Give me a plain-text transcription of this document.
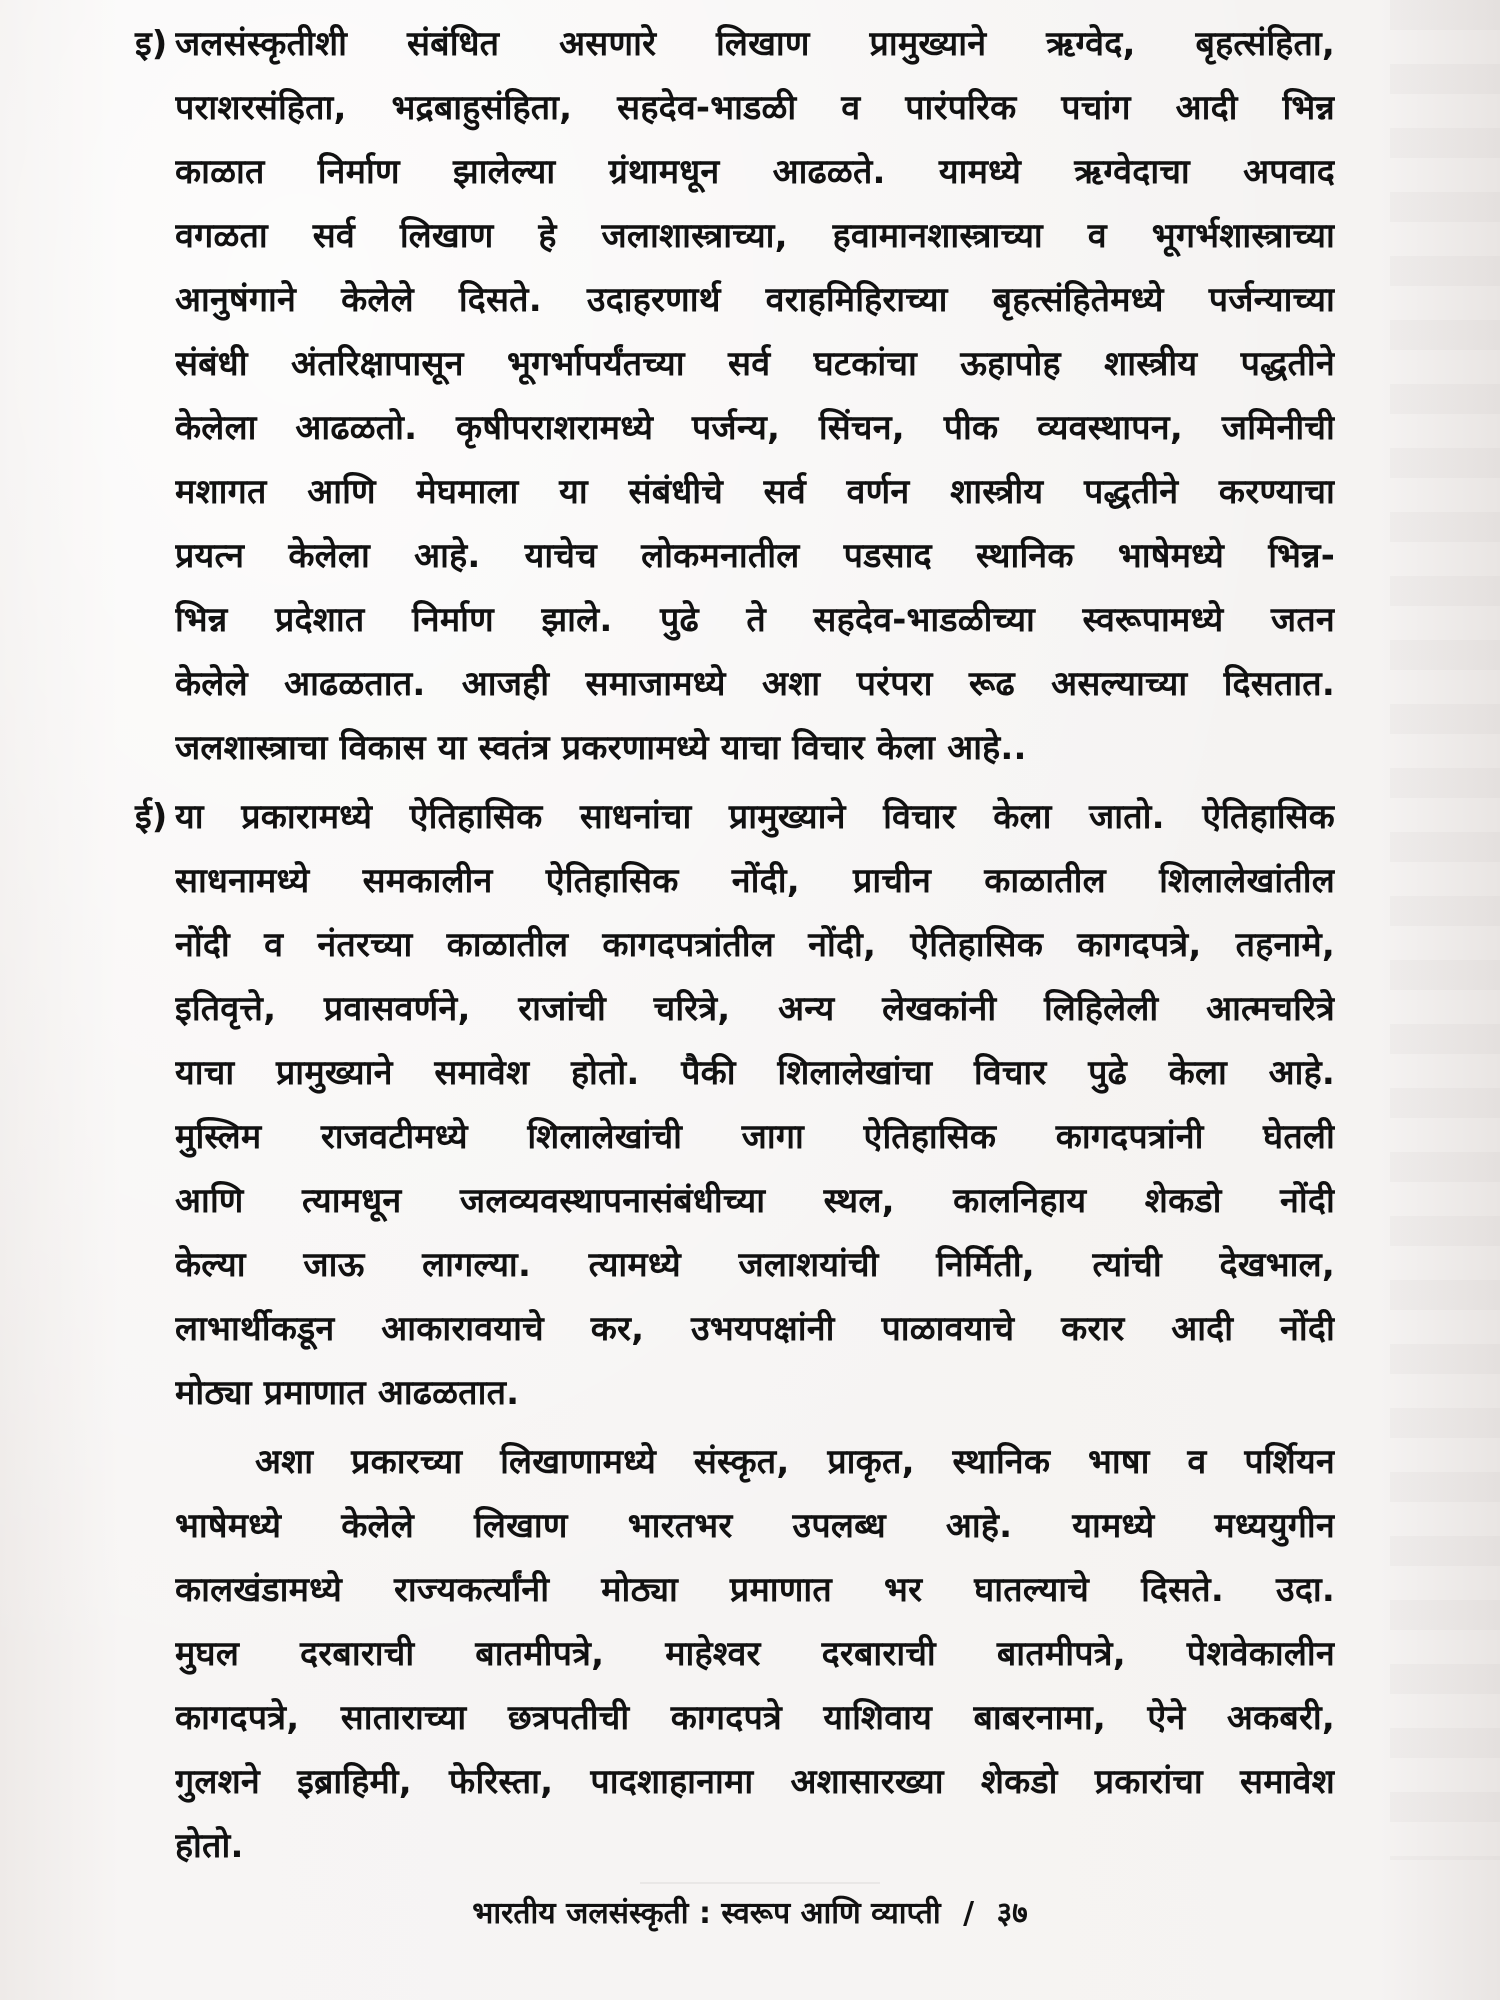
इ) जलसंस्कृतीशी संबंधित असणारे लिखाण प्रामुख्याने ऋग्वेद, बृहत्संहिता,
पराशरसंहिता, भद्रबाहुसंहिता, सहदेव-भाडळी व पारंपरिक पचांग आदी भिन्न
काळात निर्माण झालेल्या ग्रंथामधून आढळते. यामध्ये ऋग्वेदाचा अपवाद
वगळता सर्व लिखाण हे जलाशास्त्राच्या, हवामानशास्त्राच्या व भूगर्भशास्त्राच्या
आनुषंगाने केलेले दिसते. उदाहरणार्थ वराहमिहिराच्या बृहत्संहितेमध्ये पर्जन्याच्या
संबंधी अंतरिक्षापासून भूगर्भापर्यंतच्या सर्व घटकांचा ऊहापोह शास्त्रीय पद्धतीने
केलेला आढळतो. कृषीपराशरामध्ये पर्जन्य, सिंचन, पीक व्यवस्थापन, जमिनीची
मशागत आणि मेघमाला या संबंधीचे सर्व वर्णन शास्त्रीय पद्धतीने करण्याचा
प्रयत्न केलेला आहे. याचेच लोकमनातील पडसाद स्थानिक भाषेमध्ये भिन्न-
भिन्न प्रदेशात निर्माण झाले. पुढे ते सहदेव-भाडळीच्या स्वरूपामध्ये जतन
केलेले आढळतात. आजही समाजामध्ये अशा परंपरा रूढ असल्याच्या दिसतात.
जलशास्त्राचा विकास या स्वतंत्र प्रकरणामध्ये याचा विचार केला आहे..
ई) या प्रकारामध्ये ऐतिहासिक साधनांचा प्रामुख्याने विचार केला जातो. ऐतिहासिक
साधनामध्ये समकालीन ऐतिहासिक नोंदी, प्राचीन काळातील शिलालेखांतील
नोंदी व नंतरच्या काळातील कागदपत्रांतील नोंदी, ऐतिहासिक कागदपत्रे, तहनामे,
इतिवृत्ते, प्रवासवर्णने, राजांची चरित्रे, अन्य लेखकांनी लिहिलेली आत्मचरित्रे
याचा प्रामुख्याने समावेश होतो. पैकी शिलालेखांचा विचार पुढे केला आहे.
मुस्लिम राजवटीमध्ये शिलालेखांची जागा ऐतिहासिक कागदपत्रांनी घेतली
आणि त्यामधून जलव्यवस्थापनासंबंधीच्या स्थल, कालनिहाय शेकडो नोंदी
केल्या जाऊ लागल्या. त्यामध्ये जलाशयांची निर्मिती, त्यांची देखभाल,
लाभार्थीकडून आकारावयाचे कर, उभयपक्षांनी पाळावयाचे करार आदी नोंदी
मोठ्या प्रमाणात आढळतात.
अशा प्रकारच्या लिखाणामध्ये संस्कृत, प्राकृत, स्थानिक भाषा व पर्शियन
भाषेमध्ये केलेले लिखाण भारतभर उपलब्ध आहे. यामध्ये मध्ययुगीन
कालखंडामध्ये राज्यकर्त्यांनी मोठ्या प्रमाणात भर घातल्याचे दिसते. उदा.
मुघल दरबाराची बातमीपत्रे, माहेश्वर दरबाराची बातमीपत्रे, पेशवेकालीन
कागदपत्रे, साताराच्या छत्रपतीची कागदपत्रे याशिवाय बाबरनामा, ऐने अकबरी,
गुलशने इब्राहिमी, फेरिस्ता, पादशाहानामा अशासारख्या शेकडो प्रकारांचा समावेश
होतो.
भारतीय जलसंस्कृती : स्वरूप आणि व्याप्ती / ३७
